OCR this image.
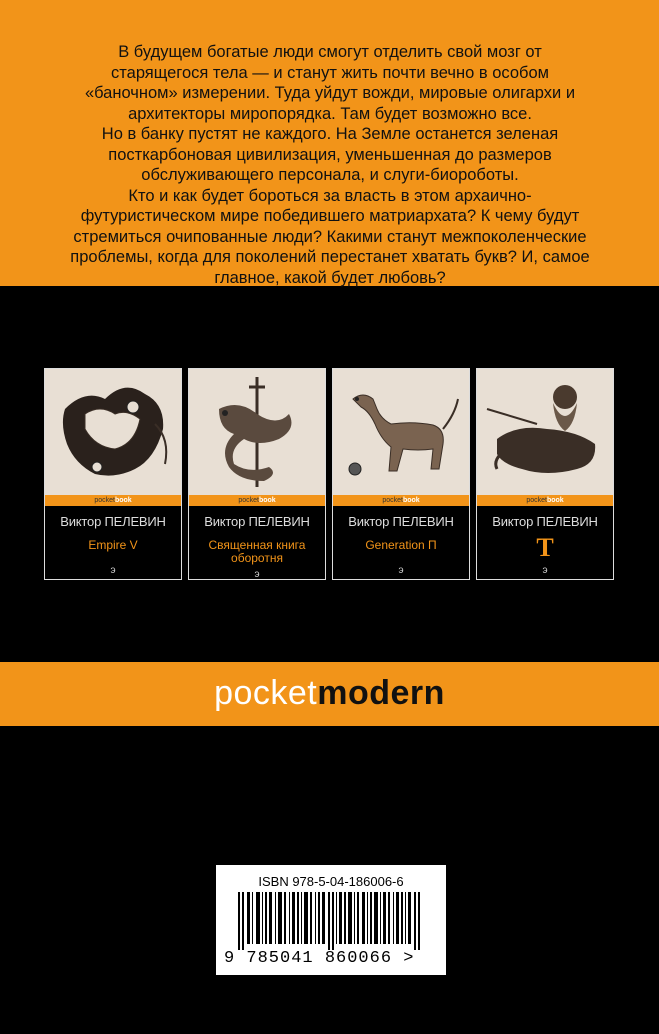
В будущем богатые люди смогут отделить свой мозг от старящегося тела — и станут жить почти вечно в особом «баночном» измерении. Туда уйдут вожди, мировые олигархи и архитекторы миропорядка. Там будет возможно все.

Но в банку пустят не каждого. На Земле останется зеленая посткарбоновая цивилизация, уменьшенная до размеров обслуживающего персонала, и слуги-биороботы.

Кто и как будет бороться за власть в этом архаично-футуристическом мире победившего матриархата? К чему будут стремиться очипованные люди? Какими станут межпоколенческие проблемы, когда для поколений перестанет хватать букв? И, самое главное, какой будет любовь?

pocketbook
Виктор ПЕЛЕВИН
Empire V
э
pocketbook
Виктор ПЕЛЕВИН
Священная книга оборотня
э
pocketbook
Виктор ПЕЛЕВИН
Generation П
э
pocketbook
Виктор ПЕЛЕВИН
Т
э
pocketmodern
ISBN 978-5-04-186006-6
9 785041 860066 >
